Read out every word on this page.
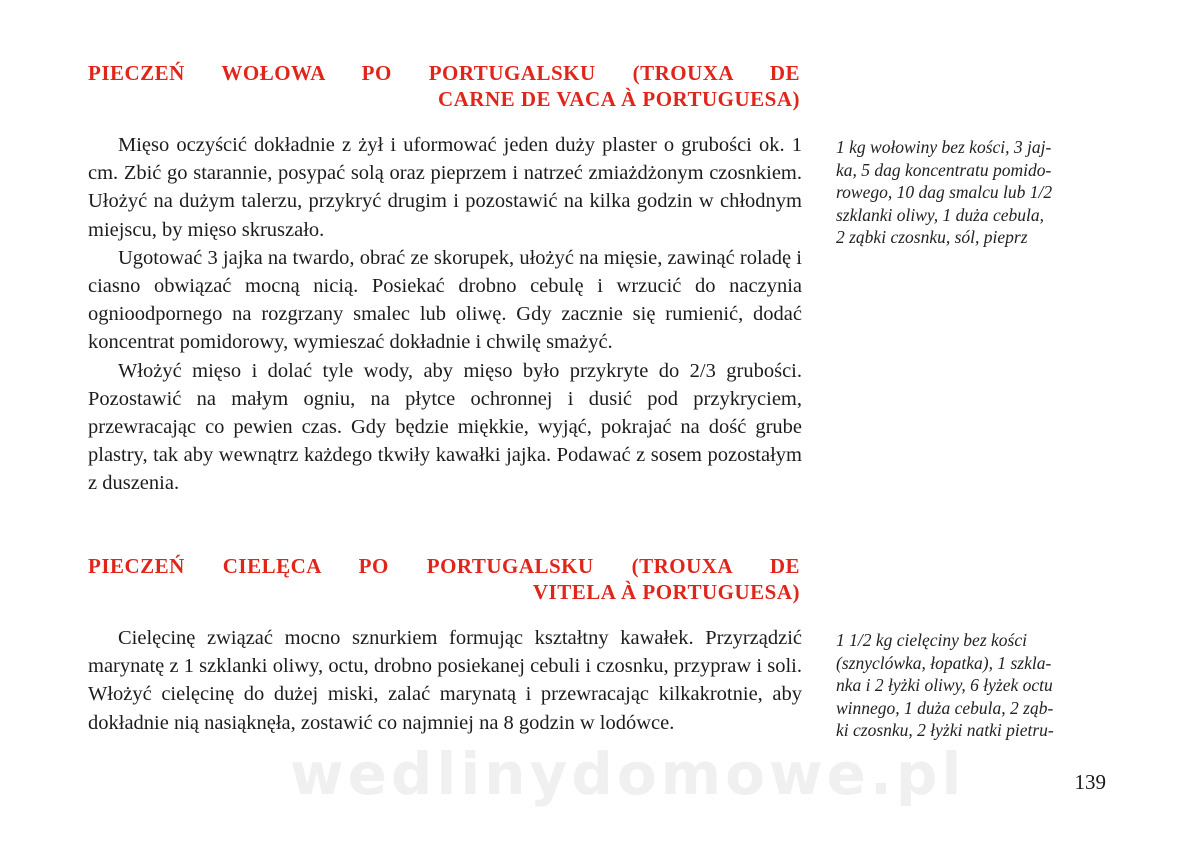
PIECZEŃ WOŁOWA PO PORTUGALSKU (TROUXA DE
CARNE DE VACA À PORTUGUESA)

Mięso oczyścić dokładnie z żył i uformować jeden duży plaster o grubości ok. 1 cm. Zbić go starannie, posypać solą oraz pieprzem i natrzeć zmiażdżonym czosnkiem. Ułożyć na dużym talerzu, przykryć drugim i pozostawić na kilka godzin w chłodnym miejscu, by mięso skruszało.

Ugotować 3 jajka na twardo, obrać ze skorupek, ułożyć na mięsie, zawinąć roladę i ciasno obwiązać mocną nicią. Posiekać drobno cebulę i wrzucić do naczynia ognioodpornego na rozgrzany smalec lub oliwę. Gdy zacznie się rumienić, dodać koncentrat pomidorowy, wymieszać dokładnie i chwilę smażyć.

Włożyć mięso i dolać tyle wody, aby mięso było przykryte do 2/3 grubości. Pozostawić na małym ogniu, na płytce ochronnej i dusić pod przykryciem, przewracając co pewien czas. Gdy będzie miękkie, wyjąć, pokrajać na dość grube plastry, tak aby wewnątrz każdego tkwiły kawałki jajka. Podawać z sosem pozostałym z duszenia.

1 kg wołowiny bez kości, 3 jaj-
ka, 5 dag koncentratu pomido-
rowego, 10 dag smalcu lub 1/2
szklanki oliwy, 1 duża cebula,
2 ząbki czosnku, sól, pieprz
PIECZEŃ CIELĘCA PO PORTUGALSKU (TROUXA DE
VITELA À PORTUGUESA)

Cielęcinę związać mocno sznurkiem formując kształtny kawałek. Przyrządzić marynatę z 1 szklanki oliwy, octu, drobno posiekanej cebuli i czosnku, przypraw i soli. Włożyć cielęcinę do dużej miski, zalać marynatą i przewracając kilkakrotnie, aby dokładnie nią nasiąknęła, zostawić co najmniej na 8 godzin w lodówce.

1 1/2 kg cielęciny bez kości
(sznyclówka, łopatka), 1 szkla-
nka i 2 łyżki oliwy, 6 łyżek octu
winnego, 1 duża cebula, 2 ząb-
ki czosnku, 2 łyżki natki pietru-
wedlinydomowe.pl	139
